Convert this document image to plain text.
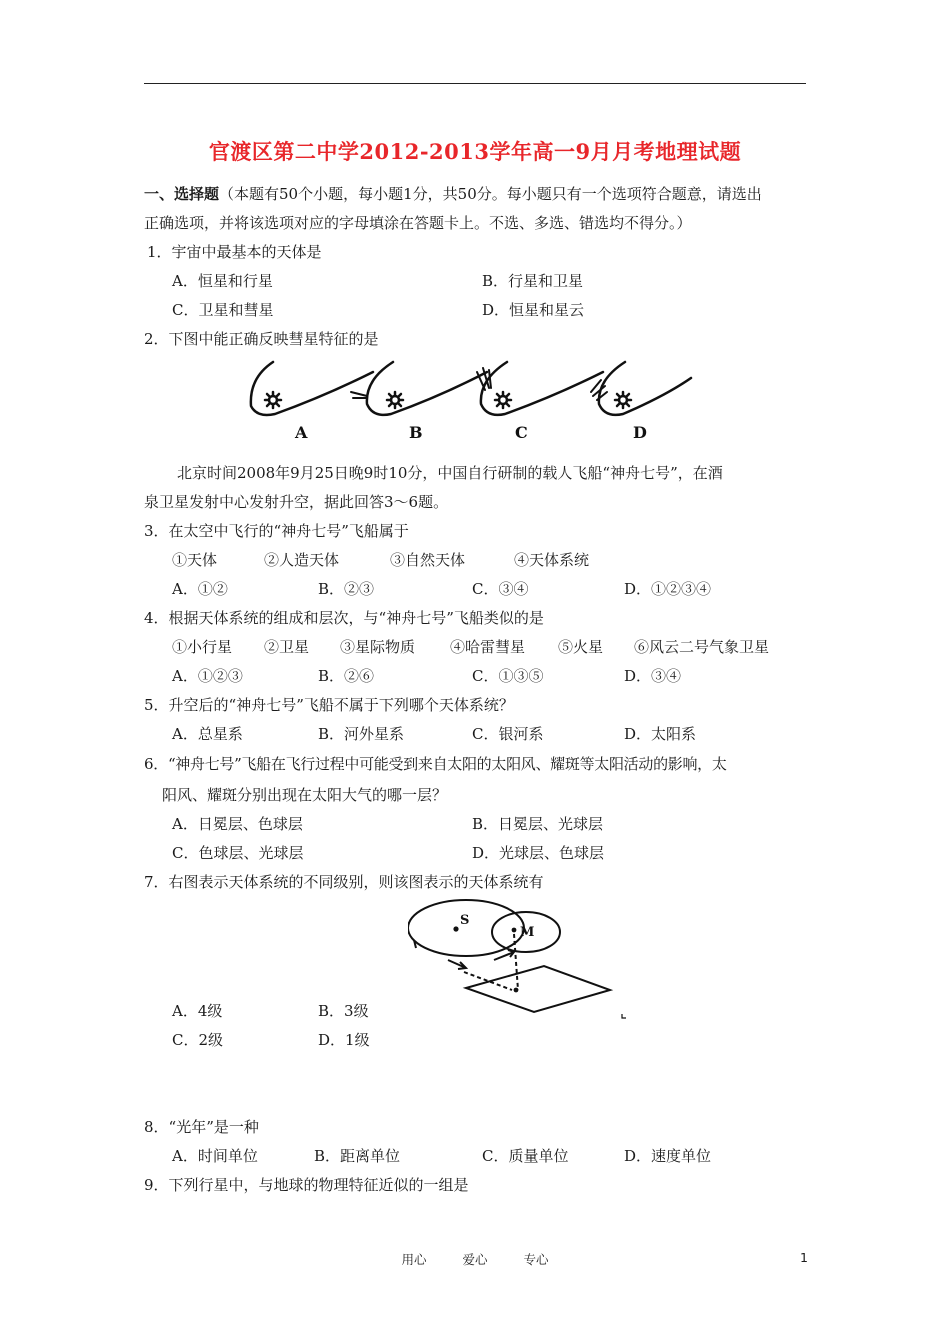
官渡区第二中学2012-2013学年高一9月月考地理试题
一、选择题（本题有50个小题，每小题1分，共50分。每小题只有一个选项符合题意，请选出
正确选项，并将该选项对应的字母填涂在答题卡上。不选、多选、错选均不得分。）
1．宇宙中最基本的天体是
A．恒星和行星	B．行星和卫星
C．卫星和彗星	D．恒星和星云
2．下图中能正确反映彗星特征的是
A	B	C	D
北京时间2008年9月25日晚9时10分，中国自行研制的载人飞船“神舟七号”，在酒
泉卫星发射中心发射升空，据此回答3～6题。
3．在太空中飞行的“神舟七号”飞船属于
①天体	②人造天体	③自然天体	④天体系统
A．①②	B．②③	C．③④	D．①②③④
4．根据天体系统的组成和层次，与“神舟七号”飞船类似的是
①小行星 ②卫星 ③星际物质 ④哈雷彗星 ⑤火星 ⑥风云二号气象卫星
A．①②③	B．②⑥	C．①③⑤	D．③④
5．升空后的“神舟七号”飞船不属于下列哪个天体系统？
A．总星系	B．河外星系	C．银河系	D．太阳系
6．“神舟七号”飞船在飞行过程中可能受到来自太阳的太阳风、耀斑等太阳活动的影响，太
阳风、耀斑分别出现在太阳大气的哪一层？
A．日冕层、色球层	B．日冕层、光球层
C．色球层、光球层	D．光球层、色球层
7．右图表示天体系统的不同级别，则该图表示的天体系统有
S
M
A．4级	B．3级
C．2级	D．1级
8．“光年”是一种
A．时间单位	B．距离单位	C．质量单位	D．速度单位
9．下列行星中，与地球的物理特征近似的一组是
用心	爱心	专心	1
